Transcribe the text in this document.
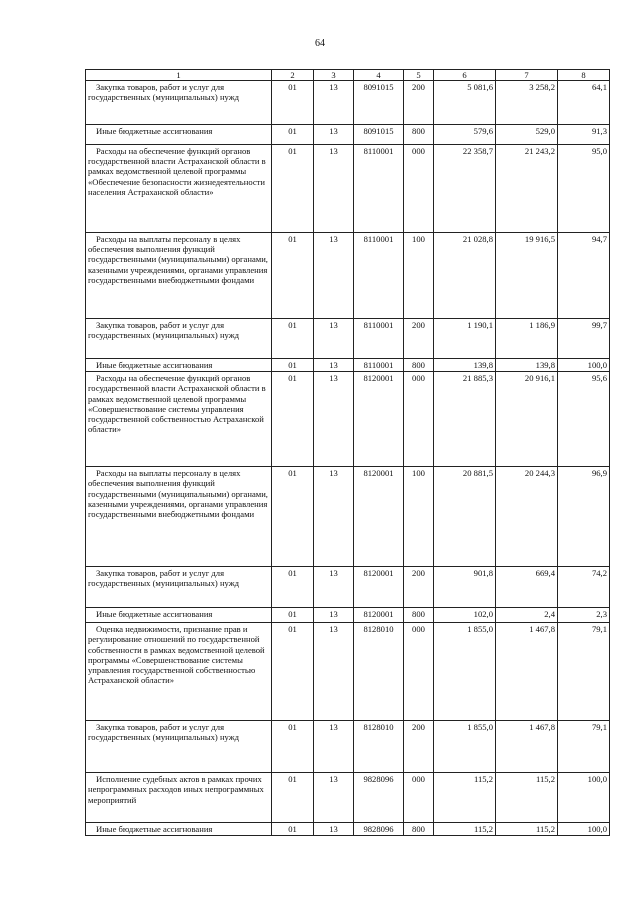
64
1	2	3	4	5	6	7	8
Закупка товаров, работ и услуг для государственных (муниципальных) нужд	01	13	8091015	200	5 081,6	3 258,2	64,1
Иные бюджетные ассигнования	01	13	8091015	800	579,6	529,0	91,3
Расходы на обеспечение функций органов государственной власти Астраханской области в рамках ведомственной целевой программы «Обеспечение безопасности жизнедеятельности населения Астраханской области»	01	13	8110001	000	22 358,7	21 243,2	95,0
Расходы на выплаты персоналу в целях обеспечения выполнения функций государственными (муниципальными) органами, казенными учреждениями, органами управления государственными внебюджетными фондами	01	13	8110001	100	21 028,8	19 916,5	94,7
Закупка товаров, работ и услуг для государственных (муниципальных) нужд	01	13	8110001	200	1 190,1	1 186,9	99,7
Иные бюджетные ассигнования	01	13	8110001	800	139,8	139,8	100,0
Расходы на обеспечение функций органов государственной власти Астраханской области в рамках ведомственной целевой программы «Совершенствование системы управления государственной собственностью Астраханской области»	01	13	8120001	000	21 885,3	20 916,1	95,6
Расходы на выплаты персоналу в целях обеспечения выполнения функций государственными (муниципальными) органами, казенными учреждениями, органами управления государственными внебюджетными фондами	01	13	8120001	100	20 881,5	20 244,3	96,9
Закупка товаров, работ и услуг для государственных (муниципальных) нужд	01	13	8120001	200	901,8	669,4	74,2
Иные бюджетные ассигнования	01	13	8120001	800	102,0	2,4	2,3
Оценка недвижимости, признание прав и регулирование отношений по государственной собственности в рамках ведомственной целевой программы «Совершенствование системы управления государственной собственностью Астраханской области»	01	13	8128010	000	1 855,0	1 467,8	79,1
Закупка товаров, работ и услуг для государственных (муниципальных) нужд	01	13	8128010	200	1 855,0	1 467,8	79,1
Исполнение судебных актов в рамках прочих непрограммных расходов иных непрограммных мероприятий	01	13	9828096	000	115,2	115,2	100,0
Иные бюджетные ассигнования	01	13	9828096	800	115,2	115,2	100,0
